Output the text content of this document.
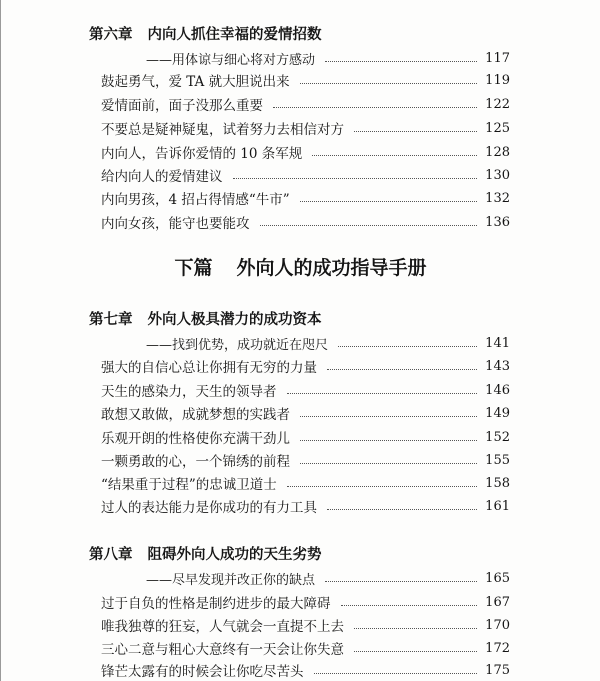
第六章 内向人抓住幸福的爱情招数
——用体谅与细心将对方感动	117
鼓起勇气，爱 TA 就大胆说出来	119
爱情面前，面子没那么重要	122
不要总是疑神疑鬼，试着努力去相信对方	125
内向人，告诉你爱情的 10 条军规	128
给内向人的爱情建议	130
内向男孩，4 招占得情感“牛市”	132
内向女孩，能守也要能攻	136
下篇 外向人的成功指导手册
第七章 外向人极具潜力的成功资本
——找到优势，成功就近在咫尺	141
强大的自信心总让你拥有无穷的力量	143
天生的感染力，天生的领导者	146
敢想又敢做，成就梦想的实践者	149
乐观开朗的性格使你充满干劲儿	152
一颗勇敢的心，一个锦绣的前程	155
“结果重于过程”的忠诚卫道士	158
过人的表达能力是你成功的有力工具	161
第八章 阻碍外向人成功的天生劣势
——尽早发现并改正你的缺点	165
过于自负的性格是制约进步的最大障碍	167
唯我独尊的狂妄，人气就会一直提不上去	170
三心二意与粗心大意终有一天会让你失意	172
锋芒太露有的时候会让你吃尽苦头	175
